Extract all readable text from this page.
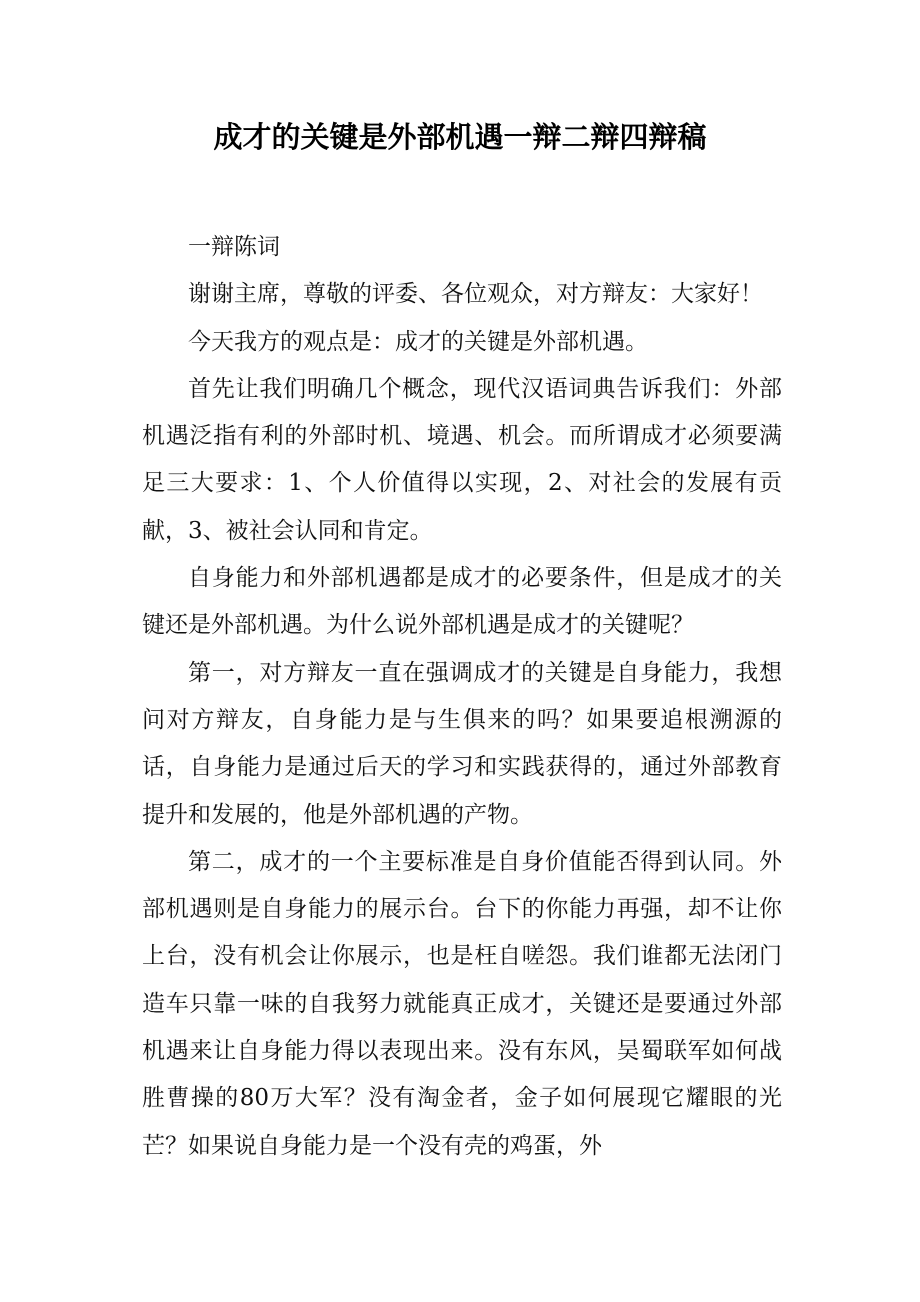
成才的关键是外部机遇一辩二辩四辩稿

一辩陈词

谢谢主席，尊敬的评委、各位观众，对方辩友：大家好！

今天我方的观点是：成才的关键是外部机遇。

首先让我们明确几个概念，现代汉语词典告诉我们：外部机遇泛指有利的外部时机、境遇、机会。而所谓成才必须要满足三大要求：1、个人价值得以实现，2、对社会的发展有贡献，3、被社会认同和肯定。

自身能力和外部机遇都是成才的必要条件，但是成才的关键还是外部机遇。为什么说外部机遇是成才的关键呢？

第一，对方辩友一直在强调成才的关键是自身能力，我想问对方辩友，自身能力是与生俱来的吗？如果要追根溯源的话，自身能力是通过后天的学习和实践获得的，通过外部教育提升和发展的，他是外部机遇的产物。

第二，成才的一个主要标准是自身价值能否得到认同。外部机遇则是自身能力的展示台。台下的你能力再强，却不让你上台，没有机会让你展示，也是枉自嗟怨。我们谁都无法闭门造车只靠一味的自我努力就能真正成才，关键还是要通过外部机遇来让自身能力得以表现出来。没有东风，吴蜀联军如何战胜曹操的80万大军？没有淘金者，金子如何展现它耀眼的光芒？如果说自身能力是一个没有壳的鸡蛋，外
